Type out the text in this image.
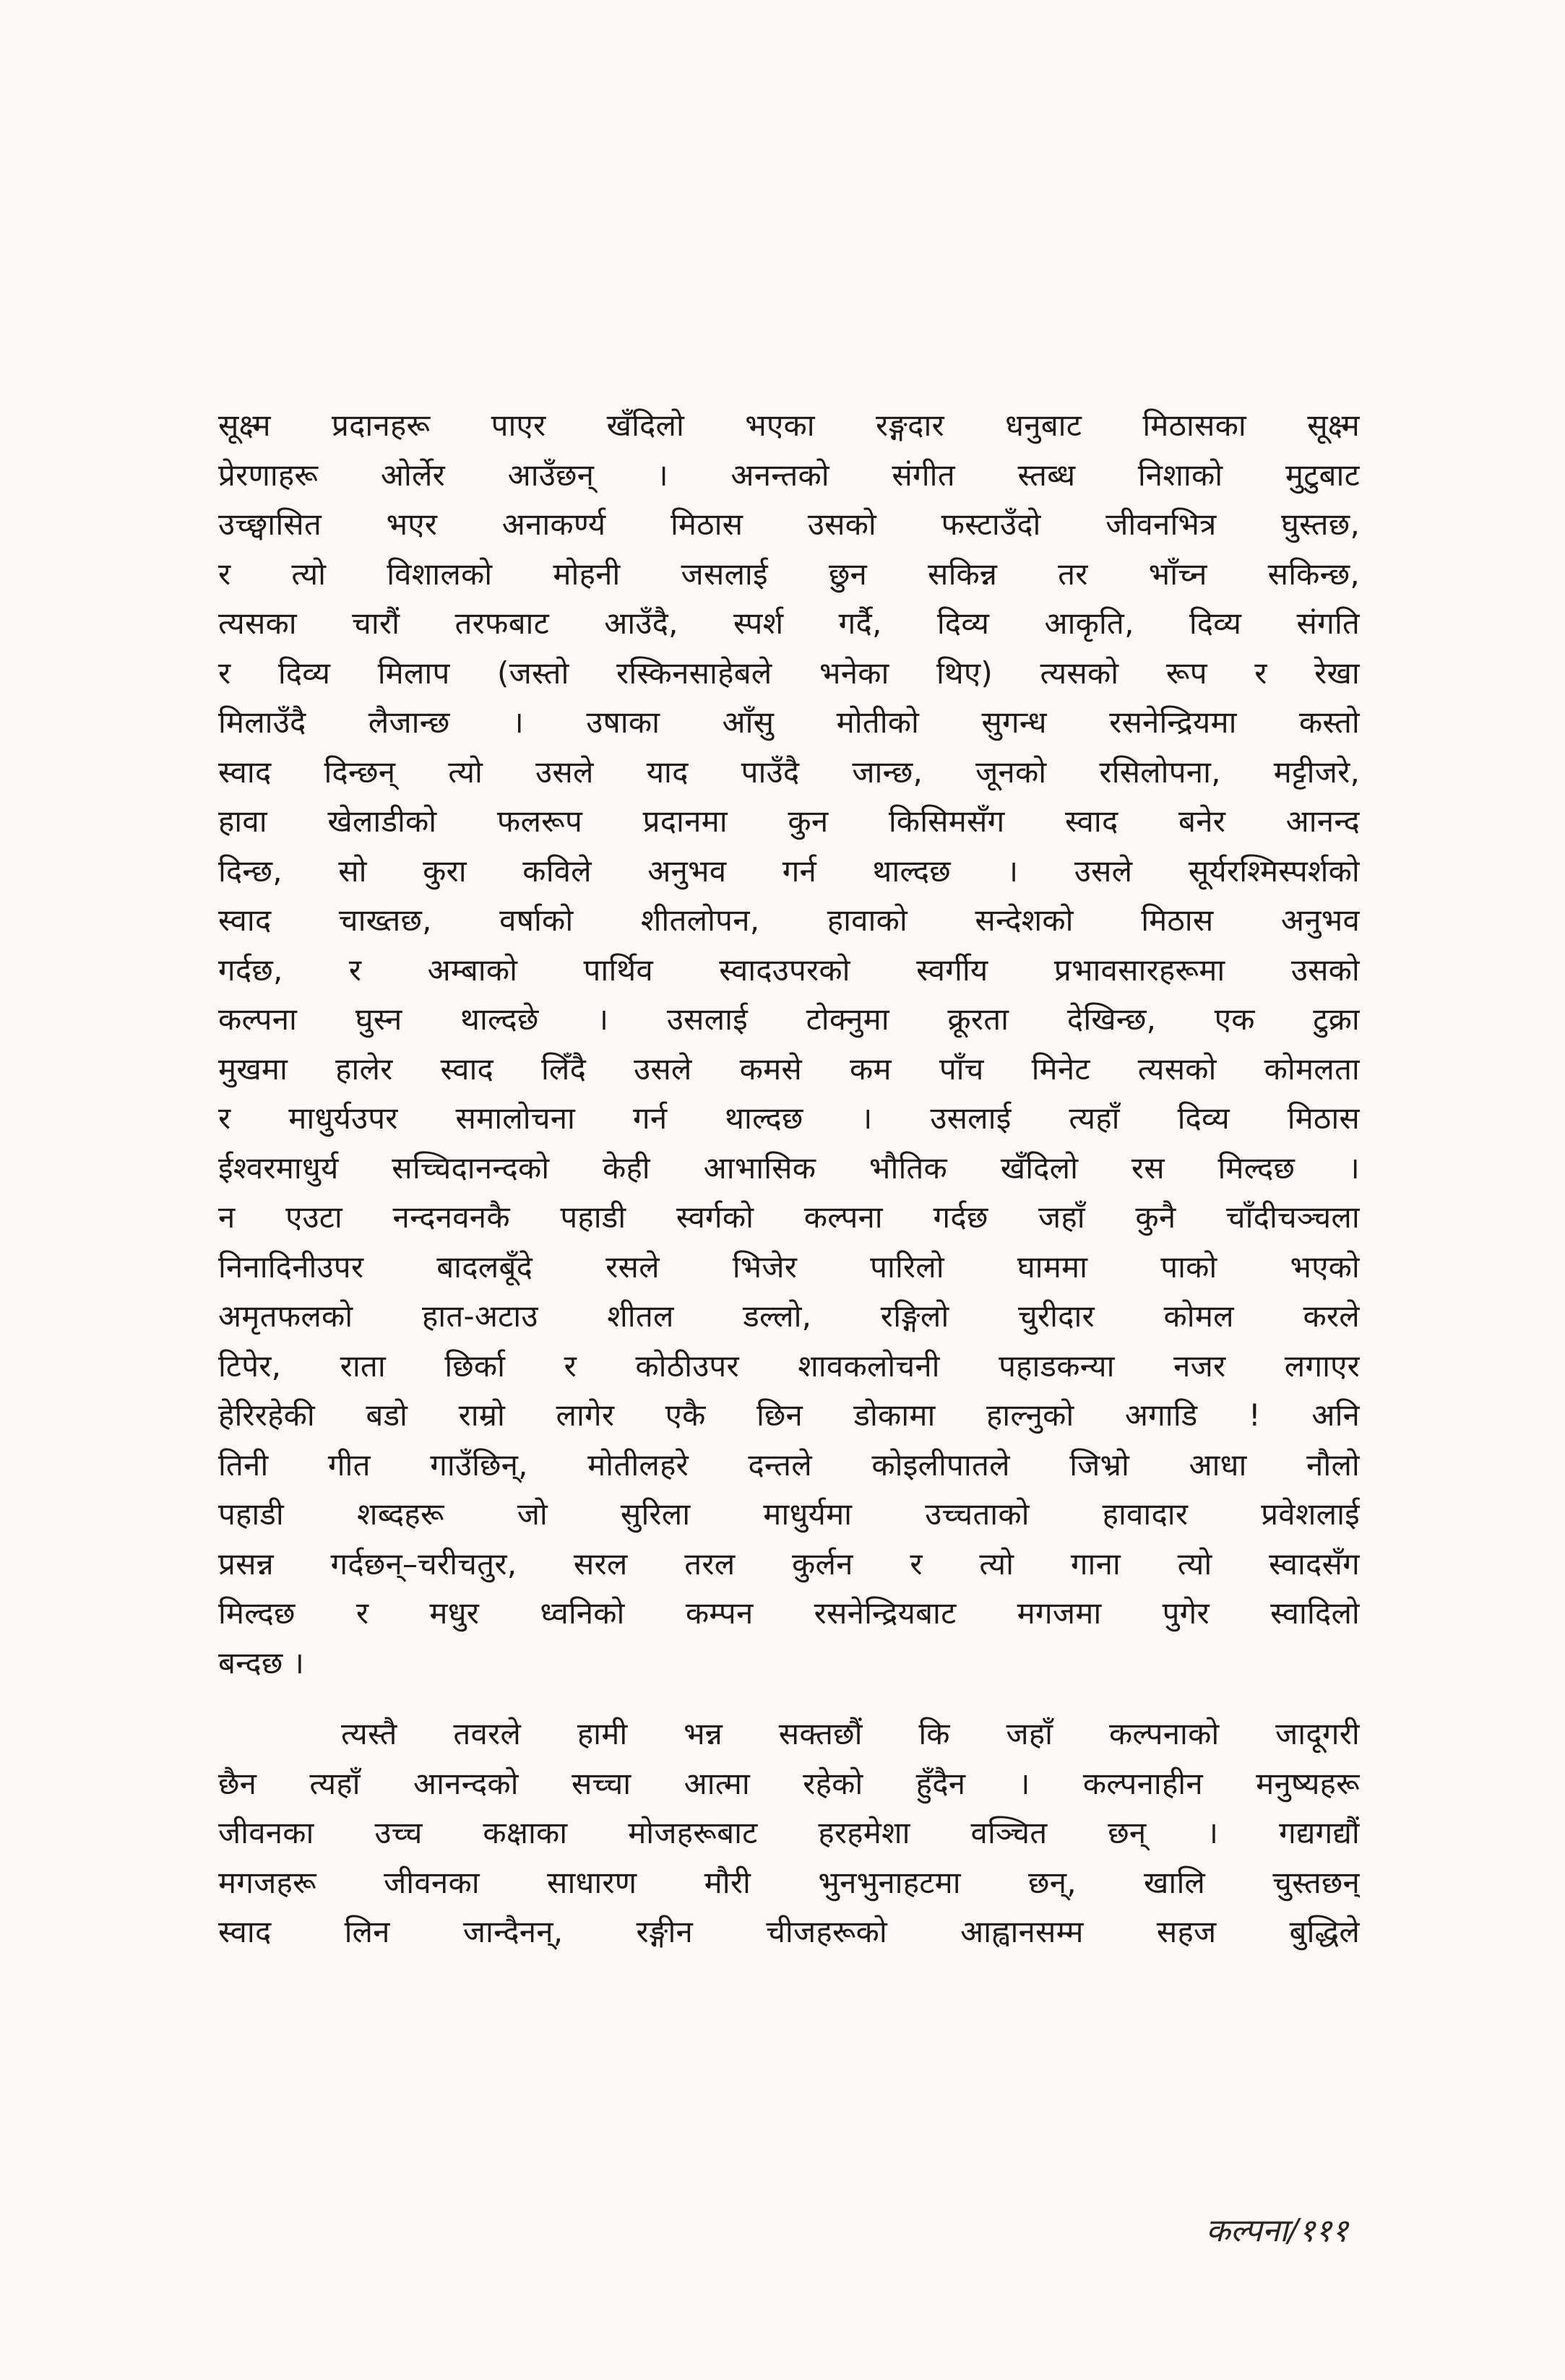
सूक्ष्म प्रदानहरू पाएर खँदिलो भएका रङ्गदार धनुबाट मिठासका सूक्ष्म
प्रेरणाहरू ओर्लेर आउँछन् । अनन्तको संगीत स्तब्ध निशाको मुटुबाट
उच्छ्वासित भएर अनाकर्ण्य मिठास उसको फस्टाउँदो जीवनभित्र घुस्तछ,
र त्यो विशालको मोहनी जसलाई छुन सकिन्न तर भाँच्न सकिन्छ,
त्यसका चारौं तरफबाट आउँदै, स्पर्श गर्दै, दिव्य आकृति, दिव्य संगति
र दिव्य मिलाप (जस्तो रस्किनसाहेबले भनेका थिए) त्यसको रूप र रेखा
मिलाउँदै लैजान्छ । उषाका आँसु मोतीको सुगन्ध रसनेन्द्रियमा कस्तो
स्वाद दिन्छन् त्यो उसले याद पाउँदै जान्छ, जूनको रसिलोपना, मट्टीजरे,
हावा खेलाडीको फलरूप प्रदानमा कुन किसिमसँग स्वाद बनेर आनन्द
दिन्छ, सो कुरा कविले अनुभव गर्न थाल्दछ । उसले सूर्यरश्मिस्पर्शको
स्वाद चाख्तछ, वर्षाको शीतलोपन, हावाको सन्देशको मिठास अनुभव
गर्दछ, र अम्बाको पार्थिव स्वादउपरको स्वर्गीय प्रभावसारहरूमा उसको
कल्पना घुस्न थाल्दछे । उसलाई टोक्नुमा क्रूरता देखिन्छ, एक टुक्रा
मुखमा हालेर स्वाद लिँदै उसले कमसे कम पाँच मिनेट त्यसको कोमलता
र माधुर्यउपर समालोचना गर्न थाल्दछ । उसलाई त्यहाँ दिव्य मिठास
ईश्वरमाधुर्य सच्चिदानन्दको केही आभासिक भौतिक खँदिलो रस मिल्दछ ।
न एउटा नन्दनवनकै पहाडी स्वर्गको कल्पना गर्दछ जहाँ कुनै चाँदीचञ्चला
निनादिनीउपर बादलबूँदे रसले भिजेर पारिलो घाममा पाको भएको
अमृतफलको हात-अटाउ शीतल डल्लो, रङ्गिलो चुरीदार कोमल करले
टिपेर, राता छिर्का र कोठीउपर शावकलोचनी पहाडकन्या नजर लगाएर
हेरिरहेकी बडो राम्रो लागेर एकै छिन डोकामा हाल्नुको अगाडि ! अनि
तिनी गीत गाउँछिन्, मोतीलहरे दन्तले कोइलीपातले जिभ्रो आधा नौलो
पहाडी शब्दहरू जो सुरिला माधुर्यमा उच्चताको हावादार प्रवेशलाई
प्रसन्न गर्दछन्–चरीचतुर, सरल तरल कुर्लन र त्यो गाना त्यो स्वादसँग
मिल्दछ र मधुर ध्वनिको कम्पन रसनेन्द्रियबाट मगजमा पुगेर स्वादिलो
बन्दछ ।
त्यस्तै तवरले हामी भन्न सक्तछौं कि जहाँ कल्पनाको जादूगरी
छैन त्यहाँ आनन्दको सच्चा आत्मा रहेको हुँदैन । कल्पनाहीन मनुष्यहरू
जीवनका उच्च कक्षाका मोजहरूबाट हरहमेशा वञ्चित छन् । गद्यगद्यौं
मगजहरू जीवनका साधारण मौरी भुनभुनाहटमा छन्, खालि चुस्तछन्
स्वाद लिन जान्दैनन्, रङ्गीन चीजहरूको आह्वानसम्म सहज बुद्धिले
कल्पना/१११
